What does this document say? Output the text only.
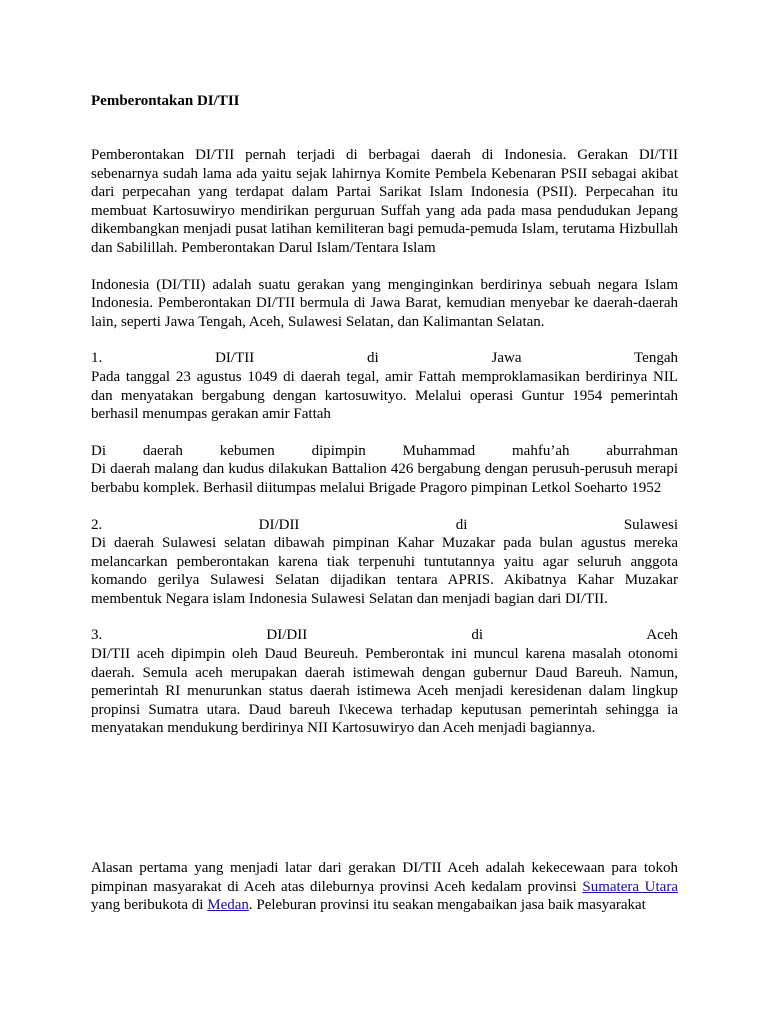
Pemberontakan DI/TII

Pemberontakan DI/TII pernah terjadi di berbagai daerah di Indonesia. Gerakan DI/TII sebenarnya sudah lama ada yaitu sejak lahirnya Komite Pembela Kebenaran PSII sebagai akibat dari perpecahan yang terdapat dalam Partai Sarikat Islam Indonesia (PSII). Perpecahan itu membuat Kartosuwiryo mendirikan perguruan Suffah yang ada pada masa pendudukan Jepang dikembangkan menjadi pusat latihan kemiliteran bagi pemuda-pemuda Islam, terutama Hizbullah dan Sabilillah. Pemberontakan Darul Islam/Tentara Islam

Indonesia (DI/TII) adalah suatu gerakan yang menginginkan berdirinya sebuah negara Islam Indonesia. Pemberontakan DI/TII bermula di Jawa Barat, kemudian menyebar ke daerah-daerah lain, seperti Jawa Tengah, Aceh, Sulawesi Selatan, dan Kalimantan Selatan.

1. DI/TII di Jawa Tengah

Pada tanggal 23 agustus 1049 di daerah tegal, amir Fattah memproklamasikan berdirinya NIL dan menyatakan bergabung dengan kartosuwityo. Melalui operasi Guntur 1954 pemerintah berhasil menumpas gerakan amir Fattah

Di daerah kebumen dipimpin Muhammad mahfu’ah aburrahman

Di daerah malang dan kudus dilakukan Battalion 426 bergabung dengan perusuh-perusuh merapi berbabu komplek. Berhasil diitumpas melalui Brigade Pragoro pimpinan Letkol Soeharto 1952

2. DI/DII di Sulawesi

Di daerah Sulawesi selatan dibawah pimpinan Kahar Muzakar pada bulan agustus mereka melancarkan pemberontakan karena tiak terpenuhi tuntutannya yaitu agar seluruh anggota komando gerilya Sulawesi Selatan dijadikan tentara APRIS. Akibatnya Kahar Muzakar membentuk Negara islam Indonesia Sulawesi Selatan dan menjadi bagian dari DI/TII.

3. DI/DII di Aceh

DI/TII aceh dipimpin oleh Daud Beureuh. Pemberontak ini muncul karena masalah otonomi daerah. Semula aceh merupakan daerah istimewah dengan gubernur Daud Bareuh. Namun, pemerintah RI menurunkan status daerah istimewa Aceh menjadi keresidenan dalam lingkup propinsi Sumatra utara. Daud bareuh I\kecewa terhadap keputusan pemerintah sehingga ia menyatakan mendukung berdirinya NII Kartosuwiryo dan Aceh menjadi bagiannya.

Alasan pertama yang menjadi latar dari gerakan DI/TII Aceh adalah kekecewaan para tokoh pimpinan masyarakat di Aceh atas dileburnya provinsi Aceh kedalam provinsi Sumatera Utara yang beribukota di Medan. Peleburan provinsi itu seakan mengabaikan jasa baik masyarakat
